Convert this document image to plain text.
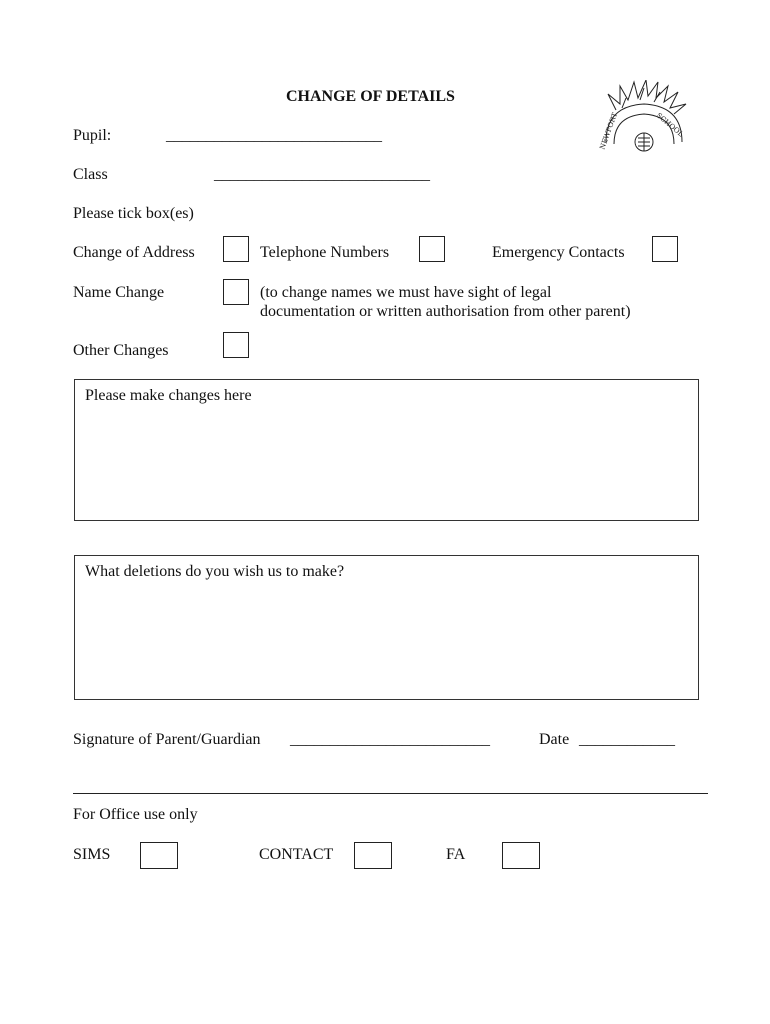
CHANGE OF DETAILS
NEWPORT	SCHOOL
Pupil:	___________________________
Class	___________________________
Please tick box(es)
Change of Address	Telephone Numbers	Emergency Contacts
Name Change	(to change names we must have sight of legal
documentation or written authorisation from other parent)
Other Changes
Please make changes here
What deletions do you wish us to make?
Signature of Parent/Guardian _________________________	Date ____________
For Office use only
SIMS	CONTACT	FA
